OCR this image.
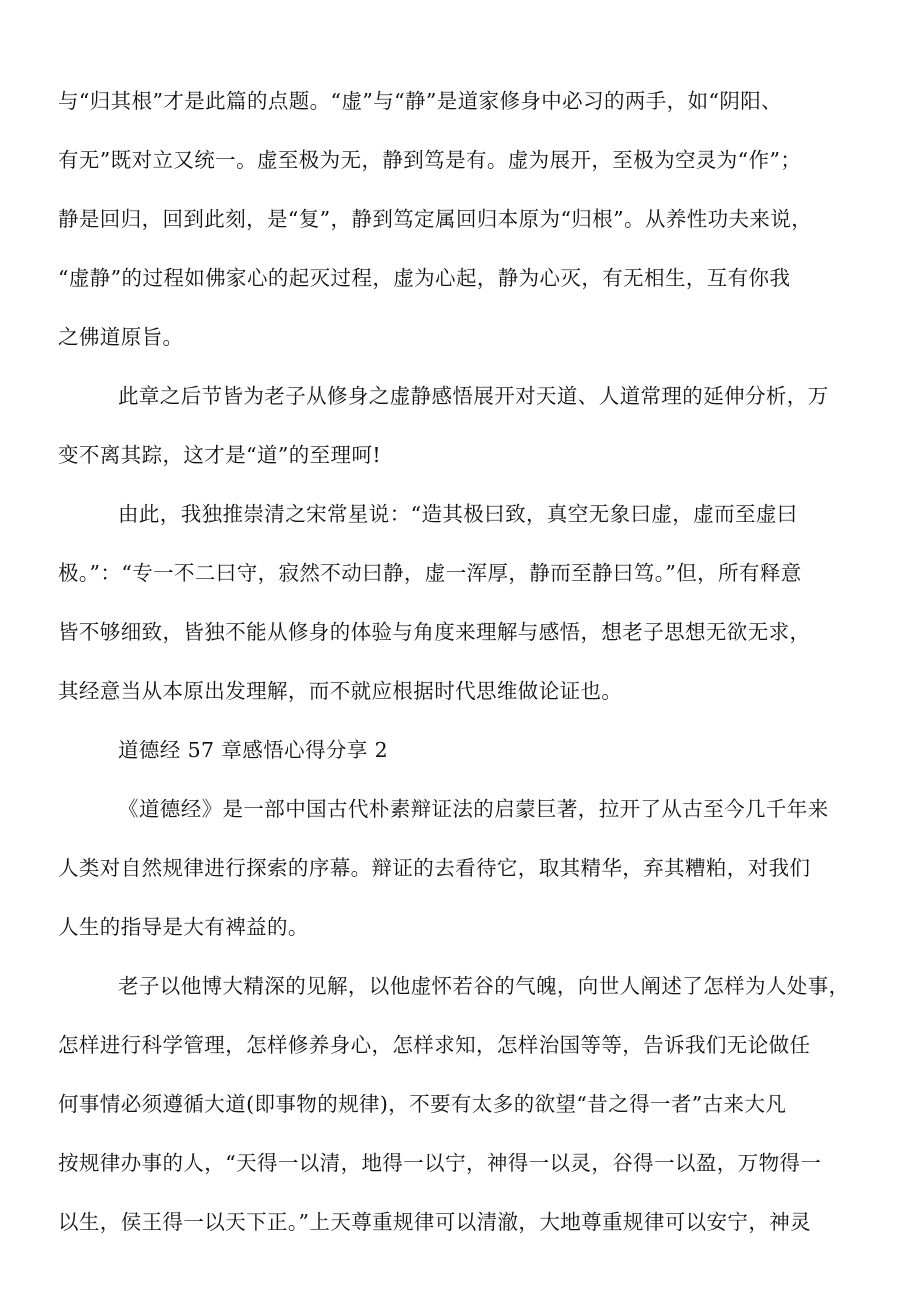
与“归其根”才是此篇的点题。“虚”与“静”是道家修身中必习的两手，如“阴阳、
有无”既对立又统一。虚至极为无，静到笃是有。虚为展开，至极为空灵为“作”；
静是回归，回到此刻，是“复”，静到笃定属回归本原为“归根”。从养性功夫来说，
“虚静”的过程如佛家心的起灭过程，虚为心起，静为心灭，有无相生，互有你我
之佛道原旨。
此章之后节皆为老子从修身之虚静感悟展开对天道、人道常理的延伸分析，万
变不离其踪，这才是“道”的至理呵!
由此，我独推崇清之宋常星说：“造其极曰致，真空无象曰虚，虚而至虚曰
极。”：“专一不二曰守，寂然不动曰静，虚一浑厚，静而至静曰笃。”但，所有释意
皆不够细致，皆独不能从修身的体验与角度来理解与感悟，想老子思想无欲无求，
其经意当从本原出发理解，而不就应根据时代思维做论证也。
道德经 57 章感悟心得分享 2
《道德经》是一部中国古代朴素辩证法的启蒙巨著，拉开了从古至今几千年来
人类对自然规律进行探索的序幕。辩证的去看待它，取其精华，弃其糟粕，对我们
人生的指导是大有裨益的。
老子以他博大精深的见解，以他虚怀若谷的气魄，向世人阐述了怎样为人处事，
怎样进行科学管理，怎样修养身心，怎样求知，怎样治国等等，告诉我们无论做任
何事情必须遵循大道(即事物的规律)，不要有太多的欲望“昔之得一者”古来大凡
按规律办事的人，“天得一以清，地得一以宁，神得一以灵，谷得一以盈，万物得一
以生，侯王得一以天下正。”上天尊重规律可以清澈，大地尊重规律可以安宁，神灵
